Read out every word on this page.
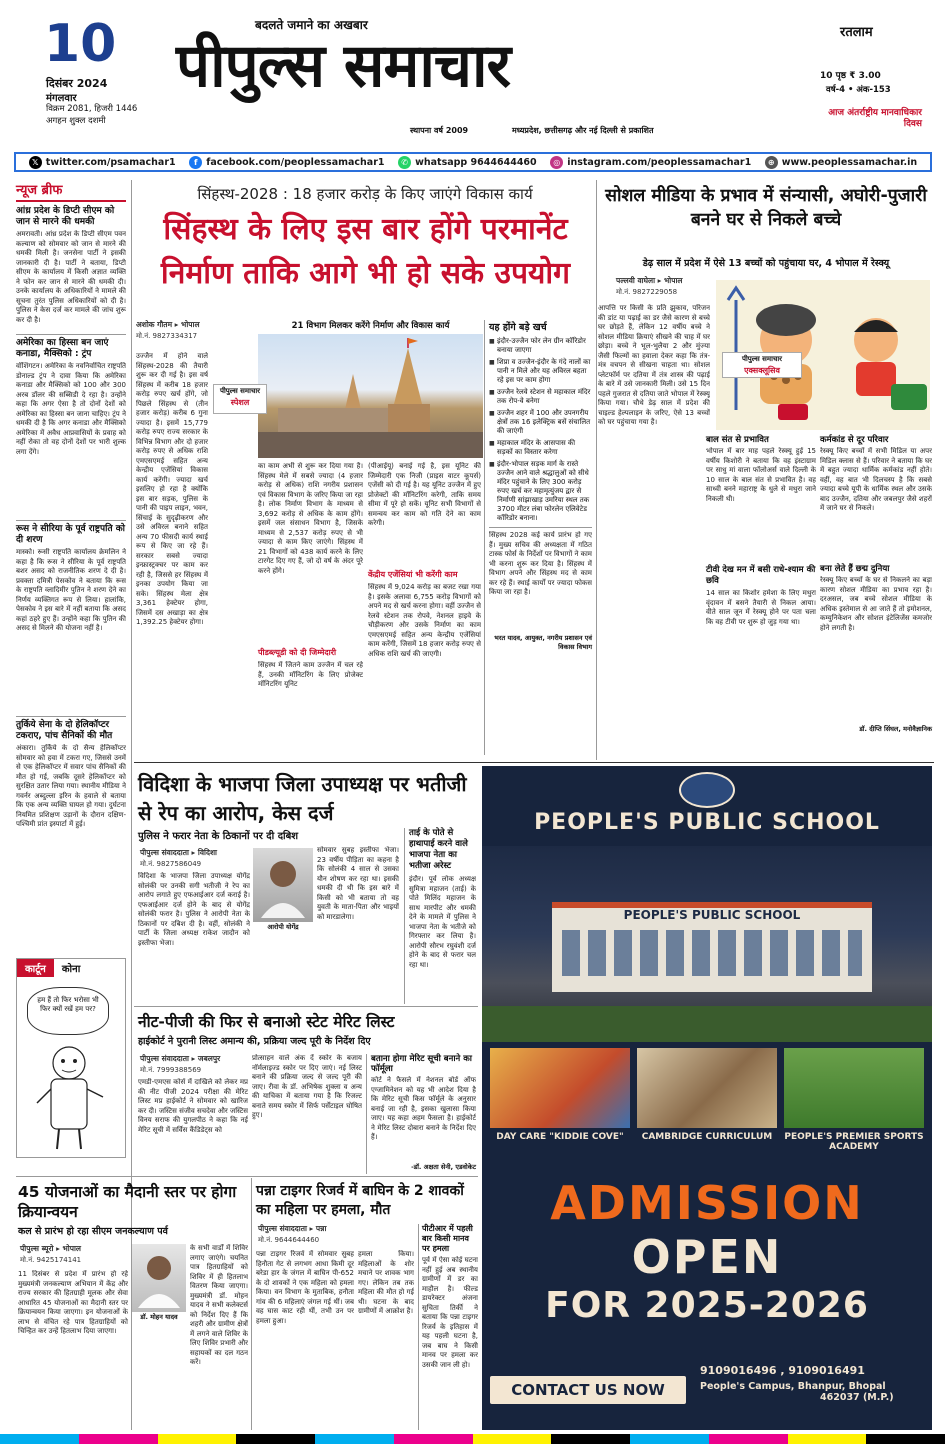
10
दिसंबर 2024
मंगलवार
विक्रम 2081, हिजरी 1446
अगहन शुक्ल दशमी
बदलते जमाने का अखबार
पीपुल्स समाचार
स्थापना वर्ष 2009	मध्यप्रदेश, छत्तीसगढ़ और नई दिल्ली से प्रकाशित
रतलाम
10 पृष्ठ ₹ 3.00
वर्ष-4 • अंक-153
आज अंतर्राष्ट्रीय मानवाधिकार दिवस
𝕏 twitter.com/psamachar1	f facebook.com/peoplessamachar1	✆ whatsapp 9644644460	◎ instagram.com/peoplessamachar1	⊕ www.peoplessamachar.in
न्यूज ब्रीफ
आंध्र प्रदेश के डिप्टी सीएम को जान से मारने की धमकी
अमरावती। आंध्र प्रदेश के डिप्टी सीएम पवन कल्याण को सोमवार को जान से मारने की धमकी मिली है। जनसेना पार्टी ने इसकी जानकारी दी है। पार्टी ने बताया, डिप्टी सीएम के कार्यालय में किसी अज्ञात व्यक्ति ने फोन कर जान से मारने की धमकी दी। उनके कार्यालय के अधिकारियों ने मामले की सूचना तुरंत पुलिस अधिकारियों को दी है। पुलिस ने केस दर्ज कर मामले की जांच शुरू कर दी है।
अमेरिका का हिस्सा बन जाएं कनाडा, मैक्सिको : ट्रंप
वॉशिंगटन। अमेरिका के नवनिर्वाचित राष्ट्रपति डोनाल्ड ट्रंप ने दावा किया कि अमेरिका कनाडा और मैक्सिको को 100 और 300 अरब डॉलर की सब्सिडी दे रहा है। उन्होंने कहा कि अगर ऐसा है तो दोनों देशों को अमेरिका का हिस्सा बन जाना चाहिए। ट्रंप ने धमकी दी है कि अगर कनाडा और मैक्सिको अमेरिका में अवैध आप्रवासियों के प्रवाह को नहीं रोका तो वह दोनों देशों पर भारी शुल्क लगा देंगे।
रूस ने सीरिया के पूर्व राष्ट्रपति को दी शरण
मास्को। रूसी राष्ट्रपति कार्यालय क्रेमलिन ने कहा है कि रूस ने सीरिया के पूर्व राष्ट्रपति बशर असद को राजनीतिक शरण दे दी है। प्रवक्ता दमित्री पेसकोव ने बताया कि रूस के राष्ट्रपति व्लादिमीर पुतिन ने शरण देने का निर्णय व्यक्तिगत रूप से लिया। हालांकि, पेसकोव ने इस बारे में नहीं बताया कि असद कहां ठहरे हुए हैं। उन्होंने कहा कि पुतिन की असद से मिलने की योजना नहीं है।
तुर्किये सेना के दो हेलिकॉप्टर टकराए, पांच सैनिकों की मौत
अंकारा। तुर्किये के दो सैन्य हेलिकॉप्टर सोमवार को हवा में टकरा गए, जिससे उनमें से एक हेलिकॉप्टर में सवार पांच सैनिकों की मौत हो गई, जबकि दूसरे हेलिकॉप्टर को सुरक्षित उतार लिया गया। स्थानीय मीडिया ने गवर्नर अब्दुल्ला इरिन के हवाले से बताया कि एक अन्य व्यक्ति घायल हो गया। दुर्घटना नियमित प्रशिक्षण उड़ानों के दौरान दक्षिण-पश्चिमी प्रांत इस्पार्टा में हुई।
कार्टून	कोना
हम हैं तो फिर भरोसा भी फिर क्यों रखें हम पर?
सिंहस्थ-2028 : 18 हजार करोड़ के किए जाएंगे विकास कार्य
सिंहस्थ के लिए इस बार होंगे परमानेंट निर्माण ताकि आगे भी हो सके उपयोग
अशोक गौतम ▸ भोपाल
मो.नं. 9827334317
21 विभाग मिलकर करेंगे निर्माण और विकास कार्य
पीपुल्स समाचार
स्पेशल
उज्जैन में होने वाले सिंहस्थ-2028 की तैयारी शुरू कर दी गई है। इस वर्ष सिंहस्थ में करीब 18 हजार करोड़ रुपए खर्च होंगे, जो पिछले सिंहस्थ से (तीन हजार करोड़) करीब 6 गुना ज्यादा है। इसमें 15,779 करोड़ रुपए राज्य सरकार के विभिन्न विभाग और दो हजार करोड़ रुपए से अधिक राशि एमएसएमई सहित अन्य केन्द्रीय एजेंसियां विकास कार्य करेंगी। ज्यादा खर्च इसलिए हो रहा है क्योंकि इस बार सड़क, पुलिस के पानी की पाइप लाइन, भवन, सिंचाई के सुदृढ़ीकरण और उसे अविरल बनाने सहित अन्य 70 फीसदी कार्य स्थाई रूप से किए जा रहे हैं। सरकार सबसे ज्यादा इन्फ्रास्ट्रक्चर पर काम कर रही है, जिससे हर सिंहस्थ में इनका उपयोग किया जा सके। सिंहस्थ मेला क्षेत्र 3,361 हेक्टेयर होगा, जिसमें दस अखाड़ा का क्षेत्र 1,392.25 हेक्टेयर होगा।
का काम अभी से शुरू कर दिया गया है। सिंहस्थ मेले में सबसे ज्यादा (4 हजार करोड़ से अधिक) राशि नगरीय प्रशासन एवं विकास विभाग के जरिए किया जा रहा है। लोक निर्माण विभाग के माध्यम से 3,692 करोड़ से अधिक के काम होंगे। इसमें जल संसाधन विभाग है, जिसके माध्यम से 2,537 करोड़ रुपए से भी ज्यादा से काम किए जाएंगे। सिंहस्थ में 21 विभागों को 438 कार्य करने के लिए टारगेट दिए गए हैं, जो दो वर्ष के अंदर पूरे करने होंगे।
पीडब्ल्यूडी को दी जिम्मेदारी
सिंहस्थ में जितने काम उज्जैन में चल रहे हैं, उनकी मॉनिटरिंग के लिए प्रोजेक्ट मॉनिटरिंग यूनिट
(पीआईयू) बनाई गई है, इस यूनिट की जिम्मेदारी एक निजी (प्राइस वाटर कूपर्स) एजेंसी को दी गई है। यह यूनिट उज्जैन में हुए प्रोजेक्टों की मॉनिटरिंग करेगी, ताकि समय सीमा में पूरे हो सकें। यूनिट सभी विभागों से समन्वय कर काम को गति देने का काम करेगी।
केंद्रीय एजेंसियां भी करेंगी काम
सिंहस्थ में 9,024 करोड़ का बजट रखा गया है। इसके अलावा 6,755 करोड़ विभागों को अपने मद से खर्च करना होगा। वहीं उज्जैन से रेलवे स्टेशन तक रोपवे, नेशनल हाइवे के चौड़ीकरण और उसके निर्माण का काम एमएसएमई सहित अन्य केन्द्रीय एजेंसियां काम करेंगी, जिसमें 18 हजार करोड़ रुपए से अधिक राशि खर्च की जाएगी।
यह होंगे बड़े खर्च
■ इंदौर-उज्जैन फोर लेन ग्रीन कॉरिडोर बनाया जाएगा
■ शिप्रा व उज्जैन-इंदौर के गंदे नालों का पानी न मिले और यह अविरल बहता रहे इस पर काम होगा
■ उज्जैन रेलवे स्टेशन से महाकाल मंदिर तक रोप-वे बनेगा
■ उज्जैन शहर में 100 और उपनगरीय क्षेत्रों तक 16 इलेक्ट्रिक बसें संचालित की जाएंगी
■ महाकाल मंदिर के आसपास की सड़कों का विस्तार करेगा
■ इंदौर-भोपाल सड़क मार्ग के रास्ते उज्जैन आने वाले श्रद्धालुओं को सीधे मंदिर पहुंचाने के लिए 300 करोड़ रुपए खर्च कर महामृत्युंजय द्वार से निर्माणी सांझाखाड़ उमरिया स्थल तक 3700 मीटर लंबा फोरलेन एलिवेटेड कॉरिडोर बनाना।
सिंहस्थ 2028 कई कार्य प्रारंभ हो गए हैं। मुख्य सचिव की अध्यक्षता में गठित टास्क फोर्स के निर्देशों पर विभागों ने काम भी करना शुरू कर दिया है। सिंहस्थ में विभाग अपने और सिंहस्थ मद से काम कर रहे हैं। स्थाई कार्यों पर ज्यादा फोकस किया जा रहा है।
भरत यादव, आयुक्त, नगरीय प्रशासन एवं विकास विभाग
सोशल मीडिया के प्रभाव में संन्यासी, अघोरी-पुजारी बनने घर से निकले बच्चे
डेढ़ साल में प्रदेश में ऐसे 13 बच्चों को पहुंचाया घर, 4 भोपाल में रेस्क्यू
पल्लवी वाघेला ▸ भोपाल
मो.नं. 9827229058
पीपुल्स समाचार
एक्सक्लूसिव
आपत्ति पर किसी के प्रति झुकाव, परिजन की डांट या पढ़ाई का डर जैसे कारण से बच्चे घर छोड़ते हैं, लेकिन 12 वर्षीय बच्चे ने सोशल मीडिया क्रियाएं सीखने की चाह में घर छोड़ा। बच्चे ने भूल-भुलैया 2 और मुंज्या जैसी फिल्मों का हवाला देकर कहा कि तंत्र-मंत्र वचपन से सीखना चाहता था। सोशल प्लेटफॉर्म पर दतिया में तंत्र शास्त्र की पढ़ाई के बारे में उसे जानकारी मिली। उसे 15 दिन पहले गुजरात से दतिया जाते भोपाल में रेस्क्यू किया गया। चौथे डेढ़ साल में प्रदेश की चाइल्ड हेल्पलाइन के जरिए, ऐसे 13 बच्चों को घर पहुंचाया गया है।
बाल संत से प्रभावित
भोपाल में बार माह पहले रेस्क्यू हुई 15 वर्षीय किशोरी ने बताया कि वह इंस्टाग्राम पर साधु मां वाला फॉलोअर्स वाले दिल्ली के 10 साल के बाल संत से प्रभावित है। वह साध्वी बनने महाराष्ट्र के धुले से मथुरा जाने निकली थी।
टीवी देख मन में बसी राधे-श्याम की छवि
14 साल का किशोर हमेशा के लिए मथुरा वृंदावन में बसने तैयारी से निकल आया। वीते साल जून में रेस्क्यू होने पर पता चला कि वह टीवी पर शुरू हो जुड़ गया था।
कर्मकांड से दूर परिवार
रेस्क्यू किए बच्चों में सभी मिडिल या अपर मिडिल क्लास से हैं। परिवार ने बताया कि घर में बहुत ज्यादा धार्मिक कर्मकांड नहीं होते। वहीं, वह बात भी दिलचस्प है कि सबसे ज्यादा बच्चे यूपी के धार्मिक स्थल और उसके बाद उज्जैन, दतिया और जबलपुर जैसे शहरों में जाने घर से निकले।
बना लेते हैं छद्म दुनिया
रेस्क्यू किए बच्चों के घर से निकलने का बड़ा कारण सोशल मीडिया का प्रभाव रहा है। दरअसल, जब बच्चे सोशल मीडिया के अधिक इस्तेमाल से आ जाते हैं तो इमोशनल, कम्युनिकेशन और सोशल इंटेलिजेंस कमजोर होने लगती है।
डॉ. दीप्ति सिंघल, मनोवैज्ञानिक
विदिशा के भाजपा जिला उपाध्यक्ष पर भतीजी से रेप का आरोप, केस दर्ज
पुलिस ने फरार नेता के ठिकानों पर दी दबिश
पीपुल्स संवाददाता ▸ विदिशा
मो.नं. 9827586049
विदिशा के भाजपा जिला उपाध्यक्ष योगेंद्र सोलंकी पर उनकी सगी भतीजी ने रेप का आरोप लगाते हुए एफआईआर दर्ज कराई है। एफआईआर दर्ज होने के बाद से योगेंद्र सोलंकी फरार है। पुलिस ने आरोपी नेता के ठिकानों पर दबिश दी है। वहीं, सोलंकी ने पार्टी के जिला अध्यक्ष राकेश जादौन को इस्तीफा भेजा।
आरोपी योगेंद्र
सोमवार सुबह इस्तीफा भेजा। 23 वर्षीय पीड़िता का कहना है कि सोलंकी 4 साल से उसका यौन शोषण कर रहा था। इसकी धमकी दी थी कि इस बारे में किसी को भी बताया तो वह युवती के माता-पिता और भाइयों को मारडालेगा।
ताई के पोते से हाथापाई करने वाले भाजपा नेता का भतीजा अरेस्ट
इंदौर। पूर्व लोक अध्यक्ष सुमित्रा महाजन (ताई) के पोते मिलिंद महाजन के साथ मारपीट और धमकी देने के मामले में पुलिस ने भाजपा नेता के भतीजे को गिरफ्तार कर लिया है। आरोपी सौरभ रघुवंशी दर्ज होने के बाद से फरार चल रहा था।
नीट-पीजी की फिर से बनाओ स्टेट मेरिट लिस्ट
हाईकोर्ट ने पुरानी लिस्ट अमान्य की, प्रक्रिया जल्द पूरी के निर्देश दिए
पीपुल्स संवाददाता ▸ जबलपुर
मो.नं. 7999388569
एमडी-एमएस कोर्स में दाखिले को लेकर मप्र की नीट पीजी 2024 परीक्षा की मेरिट लिस्ट मप्र हाईकोर्ट ने सोमवार को खारिज कर दी। जस्टिस संजीव सचदेवा और जस्टिस विनय सराफ की युगलपीठ ने कहा कि नई मेरिट सूची में सर्विस कैंडिडेट्स को
प्रोत्साहन वाले अंक दें स्कोर के बजाय नॉर्मलाइज्ड स्कोर पर दिए जाएं। नई लिस्ट बनाने की प्रक्रिया जल्द से जल्द पूरी की जाए। रीवा के डॉ. अभिषेक शुक्ला व अन्य की याचिका में बताया गया है कि रिजल्ट बनाते समय स्कोर में सिर्फ पर्सेंटाइल घोषित हुए।
बताना होगा मेरिट सूची बनाने का फॉर्मूला
कोर्ट ने फैसले में नेशनल बोर्ड ऑफ एग्जामिनेशन को यह भी आदेश दिया है कि मेरिट सूची किस फॉर्मूले के अनुसार बनाई जा रही है, इसका खुलासा किया जाए। यह कहा अहम फैसला है। हाईकोर्ट ने मेरिट लिस्ट दोबारा बनाने के निर्देश दिए हैं।
-डॉ. अक्षता सेनी, एडवोकेट
45 योजनाओं का मैदानी स्तर पर होगा क्रियान्वयन
कल से प्रारंभ हो रहा सीएम जनकल्याण पर्व
पीपुल्स ब्यूरो ▸ भोपाल
मो.नं. 9425174141
11 दिसंबर से प्रदेश में प्रारंभ हो रहे मुख्यमंत्री जनकल्याण अभियान में केंद्र और राज्य सरकार की हितग्राही मूलक और सेवा आधारित 45 योजनाओं का मैदानी स्तर पर क्रियान्वयन किया जाएगा। इन योजनाओं के लाभ से वंचित रहे पात्र हितग्राहियों को चिन्हित कर उन्हें हितलाभ दिया जाएगा।
डॉ. मोहन यादव
के सभी वार्डों में शिविर लगाए जाएंगे। चयनित पात्र हितग्राहियों को शिविर में ही हितलाभ वितरण किया जाएगा। मुख्यमंत्री डॉ. मोहन यादव ने सभी कलेक्टर्स को निर्देश दिए हैं कि शहरी और ग्रामीण क्षेत्रों में लगने वाले शिविर के लिए शिविर प्रभारी और सहायकों का दल गठन करें।
पन्ना टाइगर रिजर्व में बाघिन के 2 शावकों का महिला पर हमला, मौत
पीपुल्स संवाददाता ▸ पन्ना
मो.नं. 9644644460
पन्ना टाइगर रिजर्व में सोमवार सुबह हिनौता गेट से लगभग आधा किमी दूर बरेडा हार के जंगल में बाघिन पी-652 के दो शावकों ने एक महिला को हमला किया। वन विभाग के मुताबिक, हनौता गांव की 6 महिलाएं जंगल गई थीं। जब वह घास काट रही थीं, तभी उन पर हमला हुआ।
हमला किया। महिलाओं के शोर मचाने पर शावक भाग गए। लेकिन तब तक महिला की मौत हो गई थी। घटना के बाद ग्रामीणों में आक्रोश है।
पीटीआर में पहली बार किसी मानव पर हमला
पूर्व में ऐसा कोई घटना नहीं हुई अब स्थानीय ग्रामीणों में डर का माहौल है। फील्ड डायरेक्टर अंजना सुचिता तिर्की ने बताया कि पन्ना टाइगर रिजर्व के इतिहास में यह पहली घटना है, जब बाघ ने किसी मानव पर हमला कर उसकी जान ली हो।
PEOPLE'S PUBLIC SCHOOL
PEOPLE'S PUBLIC SCHOOL
DAY CARE "KIDDIE COVE"	CAMBRIDGE CURRICULUM	PEOPLE'S PREMIER SPORTS ACADEMY
ADMISSION
OPEN
FOR 2025-2026
CONTACT US NOW
9109016496 , 9109016491
People's Campus, Bhanpur, Bhopal
462037 (M.P.)
